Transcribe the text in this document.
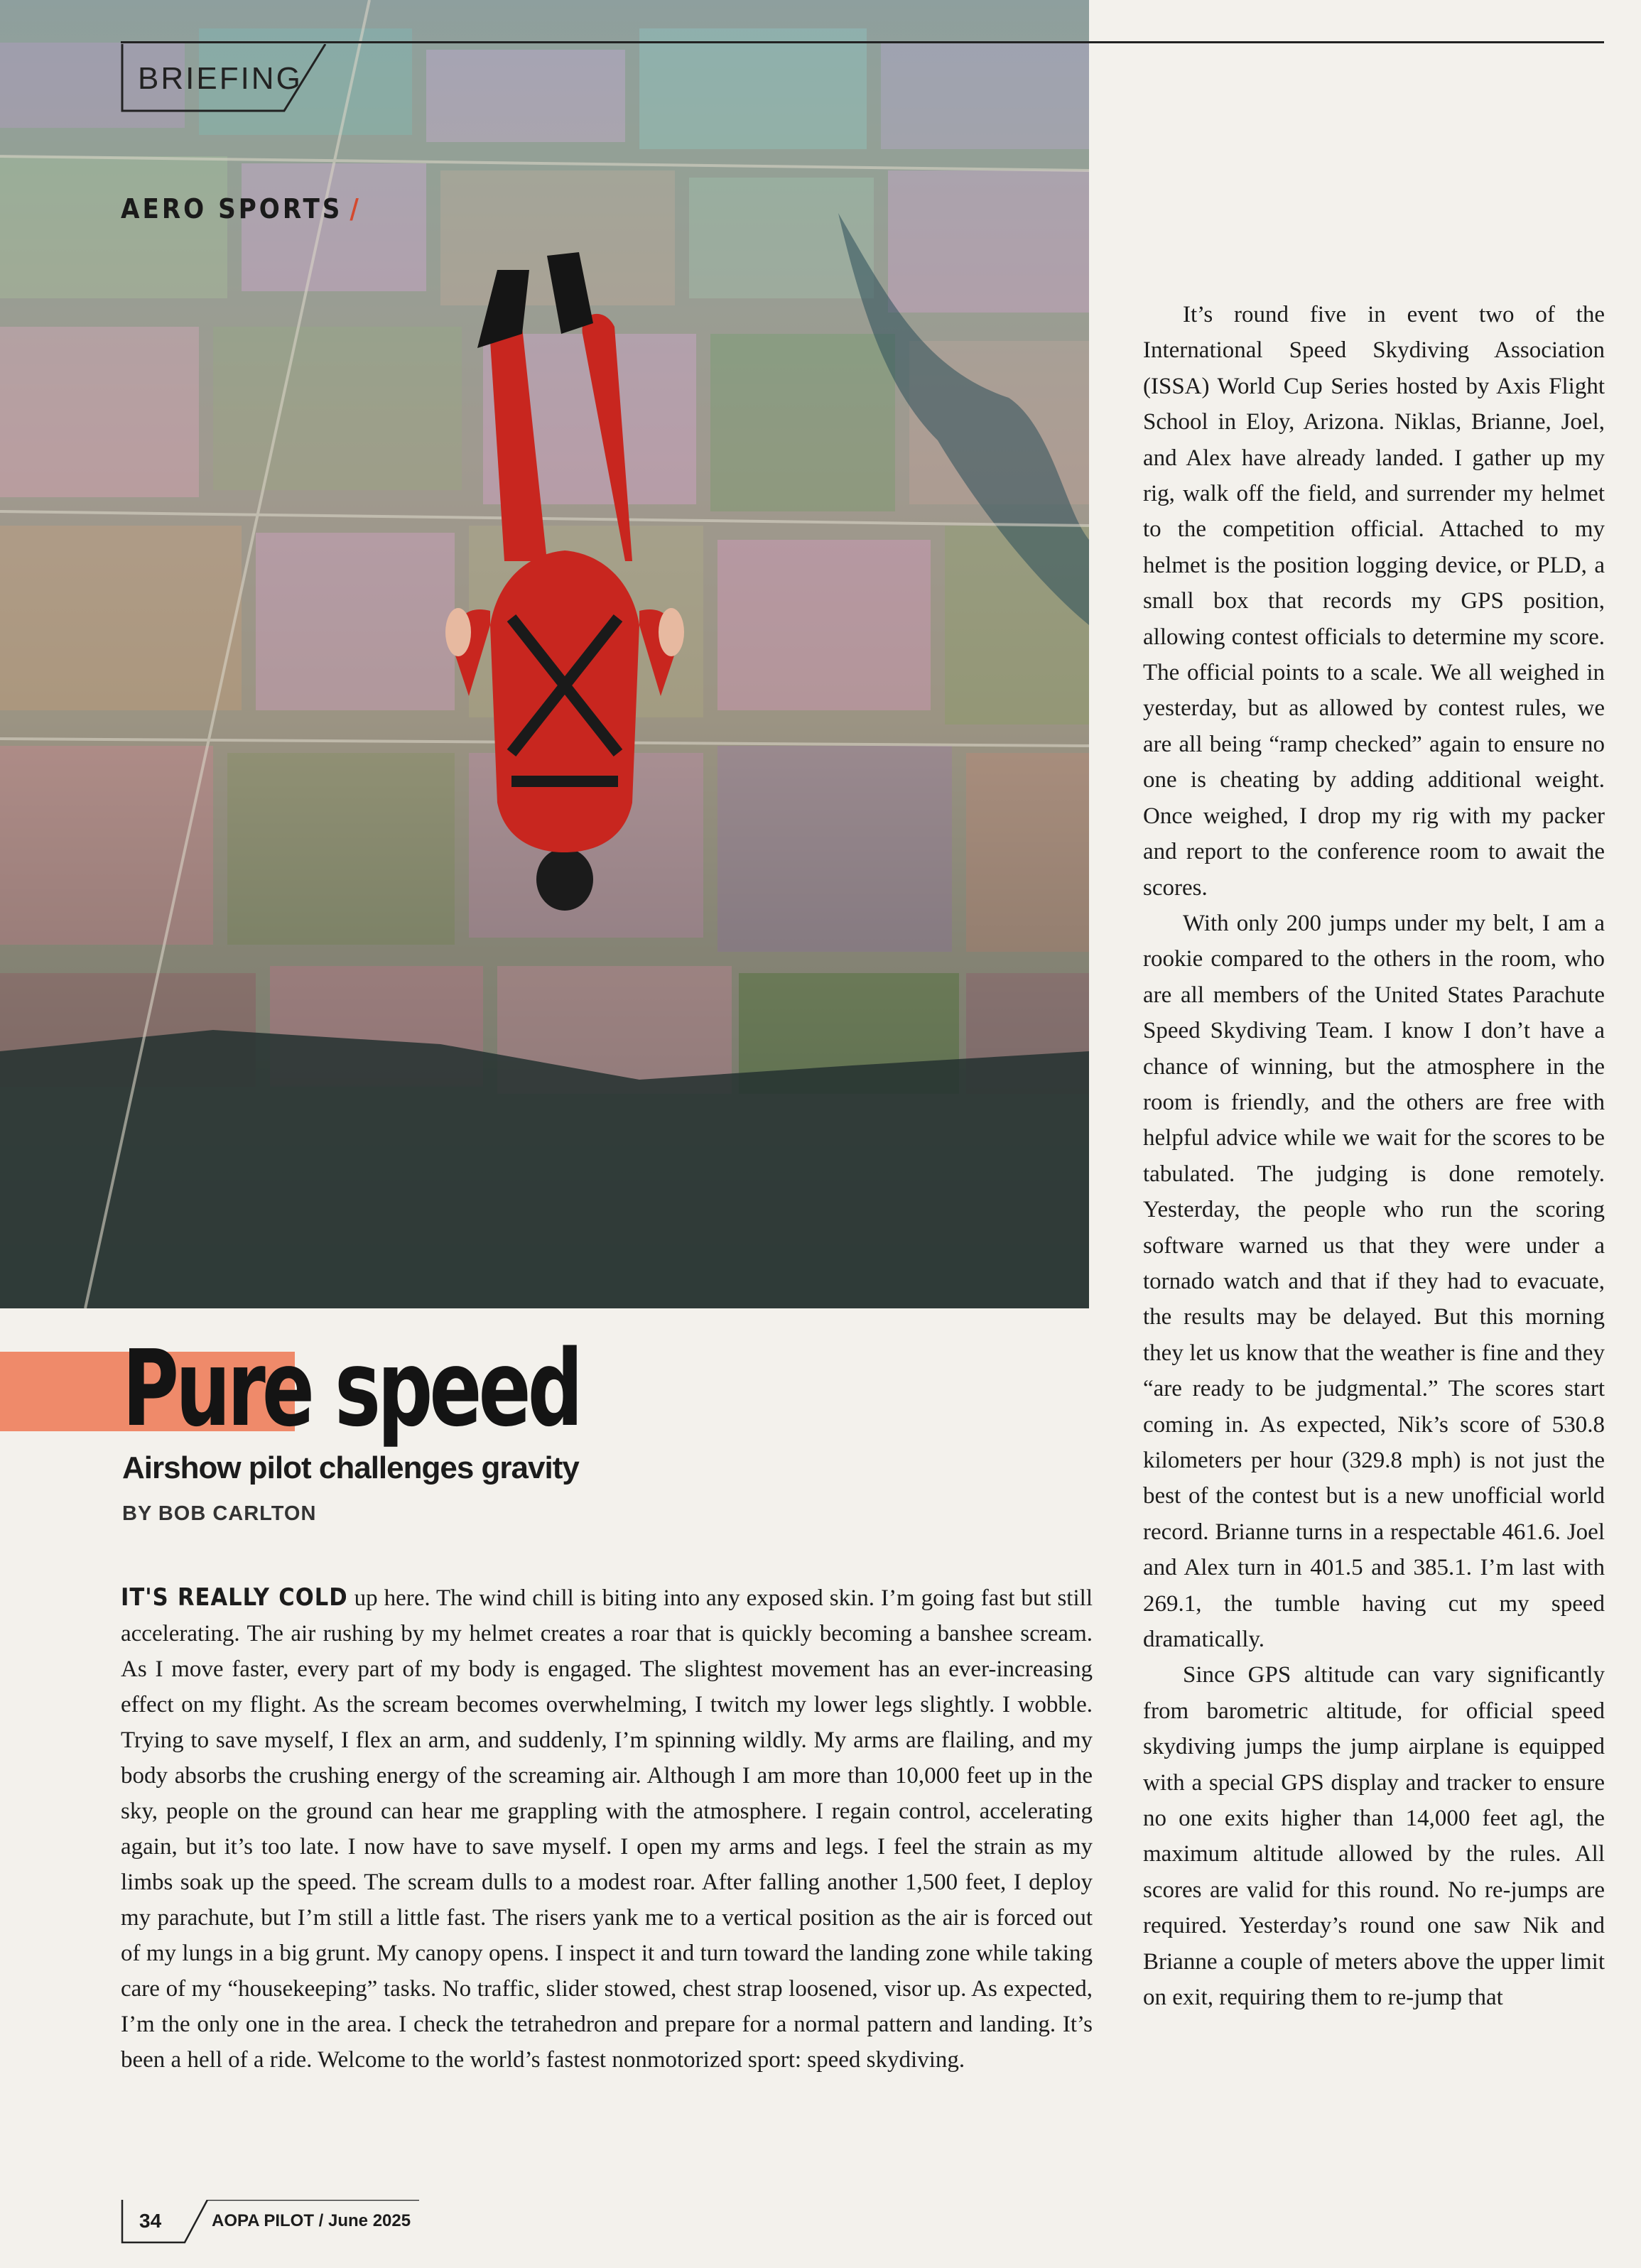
BRIEFING
AERO SPORTS /
Pure speed
Airshow pilot challenges gravity
BY BOB CARLTON

IT'S REALLY COLD up here. The wind chill is biting into any exposed skin. I’m going fast but still accelerating. The air rushing by my helmet creates a roar that is quickly becoming a banshee scream. As I move faster, every part of my body is engaged. The slightest movement has an ever-increasing effect on my flight. As the scream becomes overwhelming, I twitch my lower legs slightly. I wobble. Trying to save myself, I flex an arm, and suddenly, I’m spinning wildly. My arms are flailing, and my body absorbs the crushing energy of the screaming air. Although I am more than 10,000 feet up in the sky, people on the ground can hear me grappling with the atmosphere. I regain control, accelerating again, but it’s too late. I now have to save myself. I open my arms and legs. I feel the strain as my limbs soak up the speed. The scream dulls to a modest roar. After falling another 1,500 feet, I deploy my parachute, but I’m still a little fast. The risers yank me to a vertical position as the air is forced out of my lungs in a big grunt. My canopy opens. I inspect it and turn toward the landing zone while taking care of my “housekeeping” tasks. No traffic, slider stowed, chest strap loosened, visor up. As expected, I’m the only one in the area. I check the tetrahedron and prepare for a normal pattern and landing. It’s been a hell of a ride. Welcome to the world’s fastest nonmotorized sport: speed skydiving.

It’s round five in event two of the International Speed Skydiving Association (ISSA) World Cup Series hosted by Axis Flight School in Eloy, Arizona. Niklas, Brianne, Joel, and Alex have already landed. I gather up my rig, walk off the field, and surrender my helmet to the competition official. Attached to my helmet is the position logging device, or PLD, a small box that records my GPS position, allowing contest officials to determine my score. The official points to a scale. We all weighed in yesterday, but as allowed by contest rules, we are all being “ramp checked” again to ensure no one is cheating by adding additional weight. Once weighed, I drop my rig with my packer and report to the conference room to await the scores.

With only 200 jumps under my belt, I am a rookie compared to the others in the room, who are all members of the United States Parachute Speed Skydiving Team. I know I don’t have a chance of winning, but the atmosphere in the room is friendly, and the others are free with helpful advice while we wait for the scores to be tabulated. The judging is done remotely. Yesterday, the people who run the scoring software warned us that they were under a tornado watch and that if they had to evacuate, the results may be delayed. But this morning they let us know that the weather is fine and they “are ready to be judgmental.” The scores start coming in. As expected, Nik’s score of 530.8 kilometers per hour (329.8 mph) is not just the best of the contest but is a new unofficial world record. Brianne turns in a respectable 461.6. Joel and Alex turn in 401.5 and 385.1. I’m last with 269.1, the tumble having cut my speed dramatically.

Since GPS altitude can vary significantly from barometric altitude, for official speed skydiving jumps the jump airplane is equipped with a special GPS display and tracker to ensure no one exits higher than 14,000 feet agl, the maximum altitude allowed by the rules. All scores are valid for this round. No re-jumps are required. Yesterday’s round one saw Nik and Brianne a couple of meters above the upper limit on exit, requiring them to re-jump that

34	AOPA PILOT / June 2025
